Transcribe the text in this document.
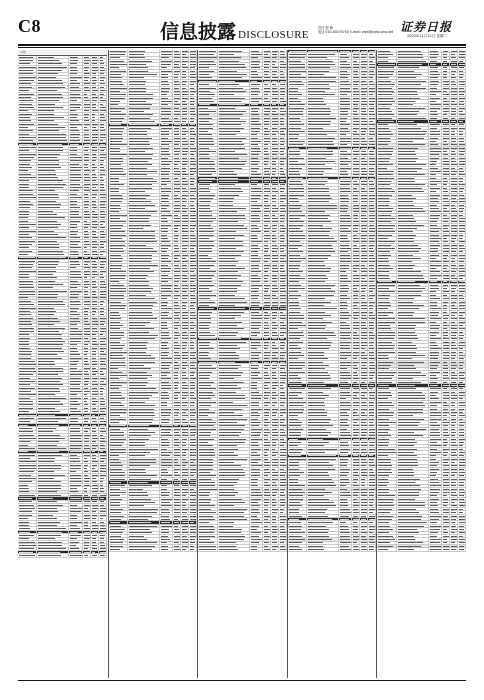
C8	信息披露 DISCLOSURE
责任 程 鹿
电话 010-63070700 E-mail: zqrb@zqrb.sina.net 证券日报
2023年11月21日 星期二
公告
